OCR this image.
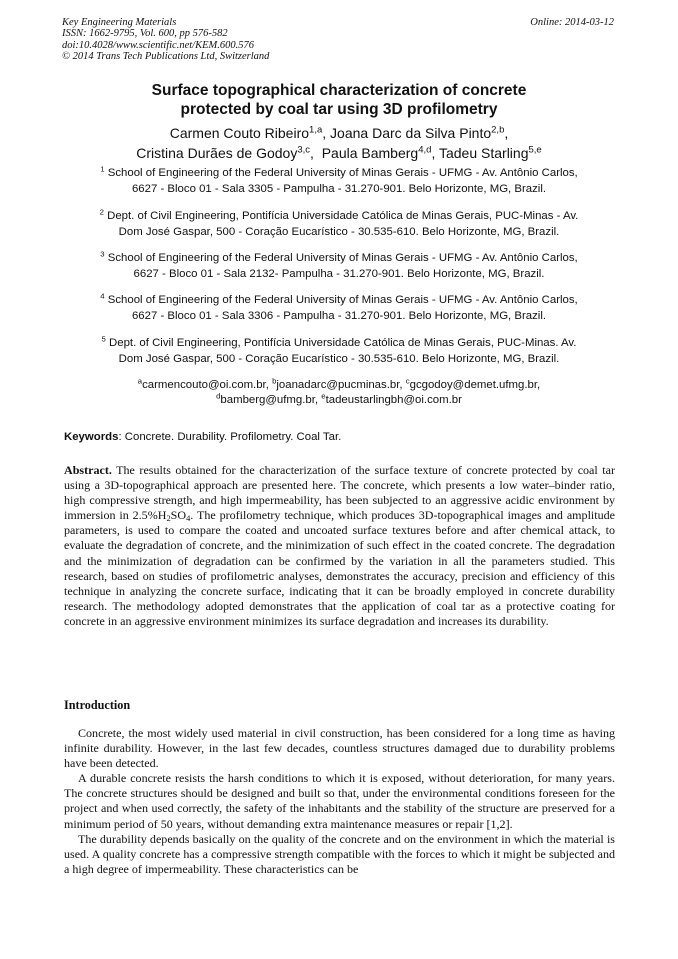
Key Engineering Materials
ISSN: 1662-9795, Vol. 600, pp 576-582
doi:10.4028/www.scientific.net/KEM.600.576
© 2014 Trans Tech Publications Ltd, Switzerland
Online: 2014-03-12
Surface topographical characterization of concrete
protected by coal tar using 3D profilometry
Carmen Couto Ribeiro$^{1,a}$, Joana Darc da Silva Pinto$^{2,b}$,
Cristina Durães de Godoy$^{3,c}$,  Paula Bamberg$^{4,d}$, Tadeu Starling$^{5,e}$
$^1$ School of Engineering of the Federal University of Minas Gerais - UFMG - Av. Antônio Carlos,
6627 - Bloco 01 - Sala 3305 - Pampulha - 31.270-901. Belo Horizonte, MG, Brazil.
$^2$ Dept. of Civil Engineering, Pontifícia Universidade Católica de Minas Gerais, PUC-Minas - Av.
Dom José Gaspar, 500 - Coração Eucarístico - 30.535-610. Belo Horizonte, MG, Brazil.
$^3$ School of Engineering of the Federal University of Minas Gerais - UFMG - Av. Antônio Carlos,
6627 - Bloco 01 - Sala 2132- Pampulha - 31.270-901. Belo Horizonte, MG, Brazil.
$^4$ School of Engineering of the Federal University of Minas Gerais - UFMG - Av. Antônio Carlos,
6627 - Bloco 01 - Sala 3306 - Pampulha - 31.270-901. Belo Horizonte, MG, Brazil.
$^5$ Dept. of Civil Engineering, Pontifícia Universidade Católica de Minas Gerais, PUC-Minas. Av.
Dom José Gaspar, 500 - Coração Eucarístico - 30.535-610. Belo Horizonte, MG, Brazil.
$^a$carmencouto@oi.com.br, $^b$joanadarc@pucminas.br, $^c$gcgodoy@demet.ufmg.br,
$^d$bamberg@ufmg.br, $^e$tadeustarlingbh@oi.com.br
Keywords: Concrete. Durability. Profilometry. Coal Tar.
Abstract. The results obtained for the characterization of the surface texture of concrete protected by coal tar using a 3D-topographical approach are presented here. The concrete, which presents a low water–binder ratio, high compressive strength, and high impermeability, has been subjected to an aggressive acidic environment by immersion in $2.5\%H_2SO_4$. The profilometry technique, which produces 3D-topographical images and amplitude parameters, is used to compare the coated and uncoated surface textures before and after chemical attack, to evaluate the degradation of concrete, and the minimization of such effect in the coated concrete. The degradation and the minimization of degradation can be confirmed by the variation in all the parameters studied. This research, based on studies of profilometric analyses, demonstrates the accuracy, precision and efficiency of this technique in analyzing the concrete surface, indicating that it can be broadly employed in concrete durability research. The methodology adopted demonstrates that the application of coal tar as a protective coating for concrete in an aggressive environment minimizes its surface degradation and increases its durability.
Introduction

Concrete, the most widely used material in civil construction, has been considered for a long time as having infinite durability. However, in the last few decades, countless structures damaged due to durability problems have been detected.

A durable concrete resists the harsh conditions to which it is exposed, without deterioration, for many years. The concrete structures should be designed and built so that, under the environmental conditions foreseen for the project and when used correctly, the safety of the inhabitants and the stability of the structure are preserved for a minimum period of 50 years, without demanding extra maintenance measures or repair [1,2].

The durability depends basically on the quality of the concrete and on the environment in which the material is used. A quality concrete has a compressive strength compatible with the forces to which it might be subjected and a high degree of impermeability. These characteristics can be
